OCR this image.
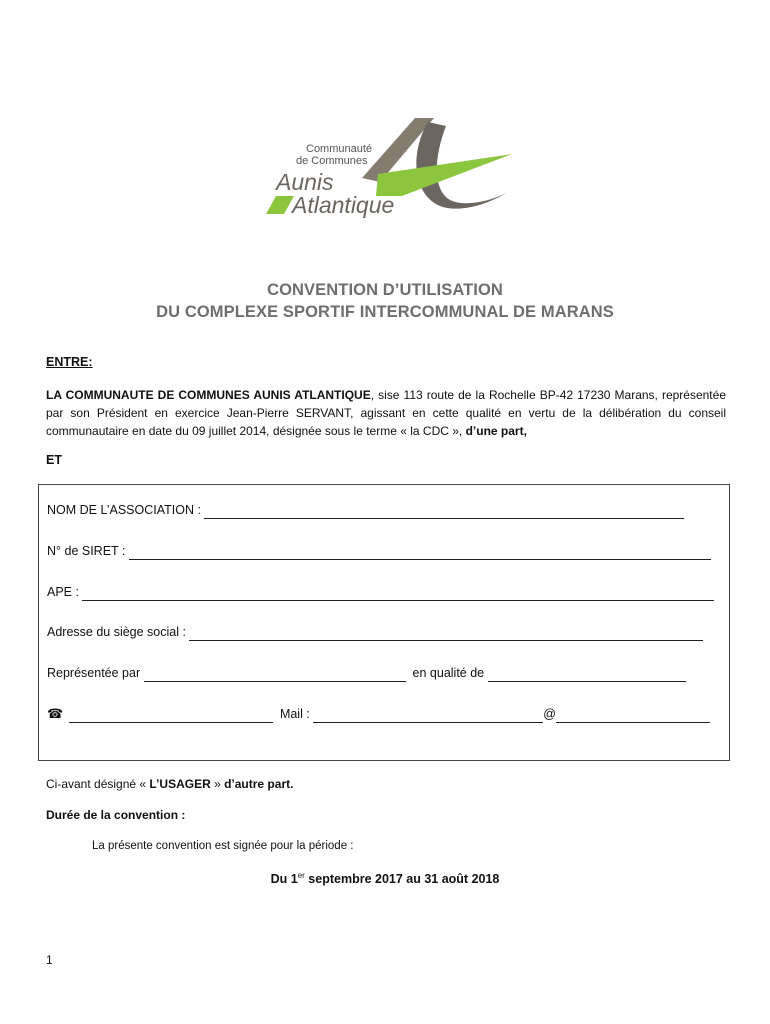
Communauté
de Communes
Aunis
Atlantique
CONVENTION D’UTILISATION
DU COMPLEXE SPORTIF INTERCOMMUNAL DE MARANS
ENTRE:
LA COMMUNAUTE DE COMMUNES AUNIS ATLANTIQUE, sise 113 route de la Rochelle BP-42 17230 Marans, représentée par son Président en exercice Jean-Pierre SERVANT, agissant en cette qualité en vertu de la délibération du conseil communautaire en date du 09 juillet 2014, désignée sous le terme « la CDC », d’une part,
ET
NOM DE L’ASSOCIATION :
N° de SIRET :
APE :
Adresse du siège social :
Représentée par	en qualité de
☎	Mail :	@
Ci-avant désigné « L’USAGER » d’autre part.
Durée de la convention :
La présente convention est signée pour la période :
Du 1er septembre 2017 au 31 août 2018
1
